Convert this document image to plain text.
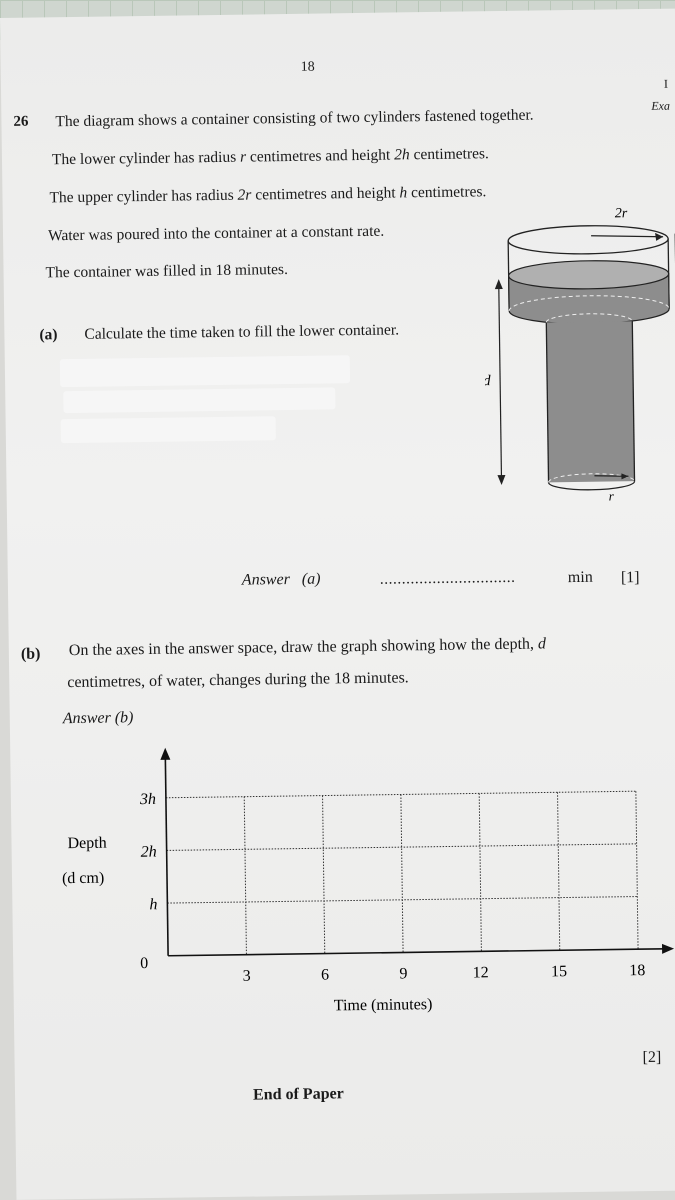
18
I
Exa
26 The diagram shows a container consisting of two cylinders fastened together.
The lower cylinder has radius r centimetres and height 2h centimetres.
The upper cylinder has radius 2r centimetres and height h centimetres.
Water was poured into the container at a constant rate.
The container was filled in 18 minutes.
2r
d
r
(a) Calculate the time taken to fill the lower container.
Answer (a)	...............................	min [1]
(b) On the axes in the answer space, draw the graph showing how the depth, d
centimetres, of water, changes during the 18 minutes.
Answer (b)
3	6	9	12	15	18
h
2h
3h
0
Time (minutes)
Depth
(d cm)
[2]
End of Paper
